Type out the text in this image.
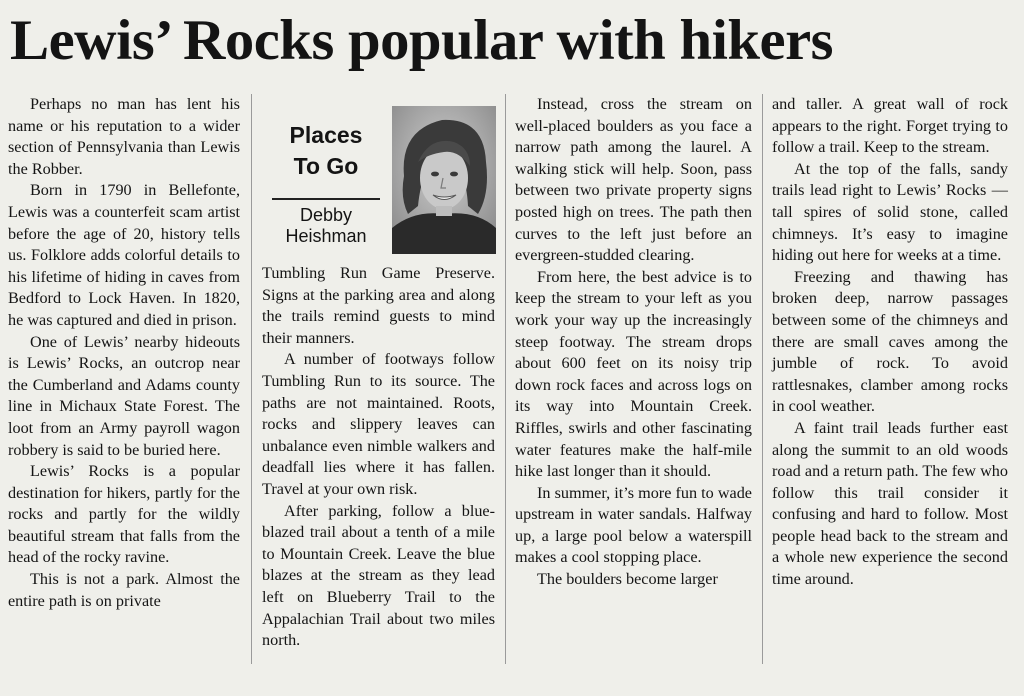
Lewis’ Rocks popular with hikers

Perhaps no man has lent his name or his reputation to a wider section of Pennsylvania than Lewis the Robber.

Born in 1790 in Bellefonte, Lewis was a counterfeit scam artist before the age of 20, history tells us. Folklore adds colorful details to his lifetime of hiding in caves from Bedford to Lock Haven. In 1820, he was captured and died in prison.

One of Lewis’ nearby hideouts is Lewis’ Rocks, an outcrop near the Cumberland and Adams county line in Michaux State Forest. The loot from an Army payroll wagon robbery is said to be buried here.

Lewis’ Rocks is a popular destination for hikers, partly for the rocks and partly for the wildly beautiful stream that falls from the head of the rocky ravine.

This is not a park. Almost the entire path is on private

Places
To Go
Debby
Heishman

Tumbling Run Game Preserve. Signs at the parking area and along the trails remind guests to mind their manners.

A number of footways follow Tumbling Run to its source. The paths are not maintained. Roots, rocks and slippery leaves can unbalance even nimble walkers and deadfall lies where it has fallen. Travel at your own risk.

After parking, follow a blue-blazed trail about a tenth of a mile to Mountain Creek. Leave the blue blazes at the stream as they lead left on Blueberry Trail to the Appalachian Trail about two miles north.

Instead, cross the stream on well-placed boulders as you face a narrow path among the laurel. A walking stick will help. Soon, pass between two private property signs posted high on trees. The path then curves to the left just before an evergreen-studded clearing.

From here, the best advice is to keep the stream to your left as you work your way up the increasingly steep footway. The stream drops about 600 feet on its noisy trip down rock faces and across logs on its way into Mountain Creek. Riffles, swirls and other fascinating water features make the half-mile hike last longer than it should.

In summer, it’s more fun to wade upstream in water sandals. Halfway up, a large pool below a waterspill makes a cool stopping place.

The boulders become larger

and taller. A great wall of rock appears to the right. Forget trying to follow a trail. Keep to the stream.

At the top of the falls, sandy trails lead right to Lewis’ Rocks — tall spires of solid stone, called chimneys. It’s easy to imagine hiding out here for weeks at a time.

Freezing and thawing has broken deep, narrow passages between some of the chimneys and there are small caves among the jumble of rock. To avoid rattlesnakes, clamber among rocks in cool weather.

A faint trail leads further east along the summit to an old woods road and a return path. The few who follow this trail consider it confusing and hard to follow. Most people head back to the stream and a whole new experience the second time around.
